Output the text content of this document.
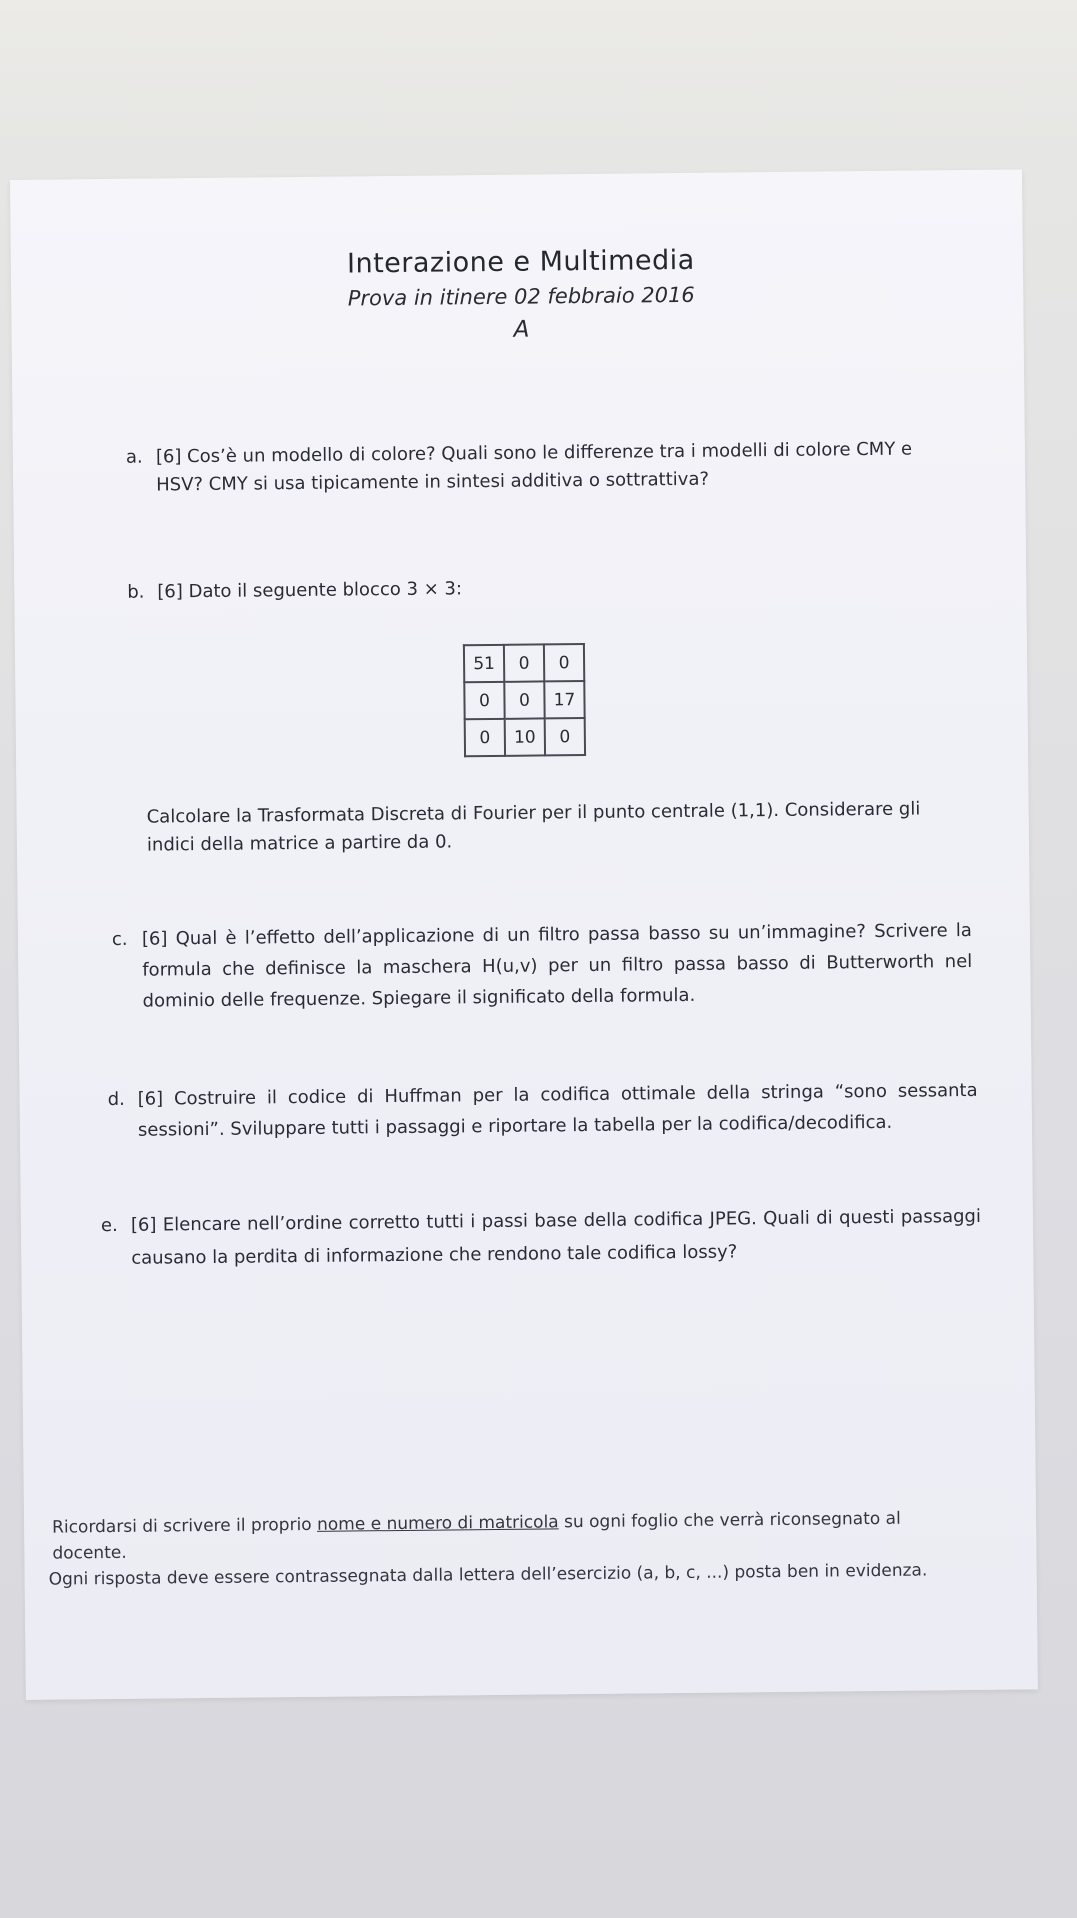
Interazione e Multimedia
Prova in itinere 02 febbraio 2016
A
a. [6] Cos’è un modello di colore? Quali sono le differenze tra i modelli di colore CMY e HSV? CMY si usa tipicamente in sintesi additiva o sottrattiva?
b. [6] Dato il seguente blocco 3 × 3:
51	0	0
0	0	17
0	10	0
Calcolare la Trasformata Discreta di Fourier per il punto centrale (1,1). Considerare gli indici della matrice a partire da 0.
c. [6] Qual è l’effetto dell’applicazione di un filtro passa basso su un’immagine? Scrivere la formula che definisce la maschera H(u,v) per un filtro passa basso di Butterworth nel dominio delle frequenze. Spiegare il significato della formula.
d. [6] Costruire il codice di Huffman per la codifica ottimale della stringa “sono sessanta sessioni”. Sviluppare tutti i passaggi e riportare la tabella per la codifica/decodifica.
e. [6] Elencare nell’ordine corretto tutti i passi base della codifica JPEG. Quali di questi passaggi causano la perdita di informazione che rendono tale codifica lossy?
Ricordarsi di scrivere il proprio nome e numero di matricola su ogni foglio che verrà riconsegnato al docente.
Ogni risposta deve essere contrassegnata dalla lettera dell’esercizio (a, b, c, ...) posta ben in evidenza.
